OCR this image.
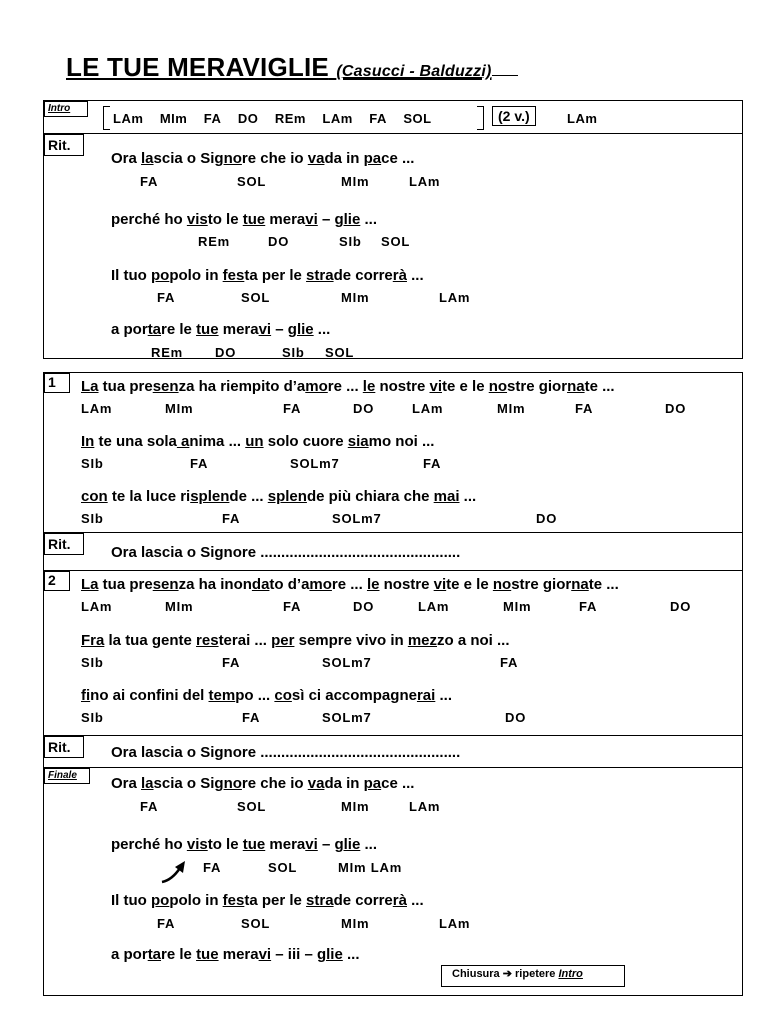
LE TUE MERAVIGLIE (Casucci - Balduzzi)
Intro
LAm MIm FA DO REm LAm FA SOL	(2 v.)	LAm
Rit.
Ora lascia o Signore che io vada in pace ...
FA	SOL	MIm	LAm
perché ho visto le tue meravi – glie ...
REm	DO	SIb SOL
Il tuo popolo in festa per le strade correrà ...
FA	SOL	MIm	LAm
a portare le tue meravi – glie ...
REm DO	SIb SOL
1	La tua presenza ha riempito d’amore ... le nostre vite e le nostre giornate ...
LAm	MIm	FA	DO	LAm	MIm	FA	DO
In te una sola anima ... un solo cuore siamo noi ...
SIb	FA	SOLm7	FA
con te la luce risplende ... splende più chiara che mai ...
SIb	FA	SOLm7	DO
Rit.	Ora lascia o Signore ................................................
2	La tua presenza ha inondato d’amore ... le nostre vite e le nostre giornate ...
LAm	MIm	FA	DO	LAm	MIm	FA	DO
Fra la tua gente resterai ... per sempre vivo in mezzo a noi ...
SIb	FA	SOLm7	FA
fino ai confini del tempo ... così ci accompagnerai ...
SIb	FA	SOLm7	DO
Rit.	Ora lascia o Signore ................................................
Finale	Ora lascia o Signore che io vada in pace ...
FA	SOL	MIm	LAm
perché ho visto le tue meravi – glie ...
FA	SOL	MIm LAm
Il tuo popolo in festa per le strade correrà ...
FA	SOL	MIm	LAm
a portare le tue meravi – iii – glie ...
Chiusura ➔ ripetere Intro
